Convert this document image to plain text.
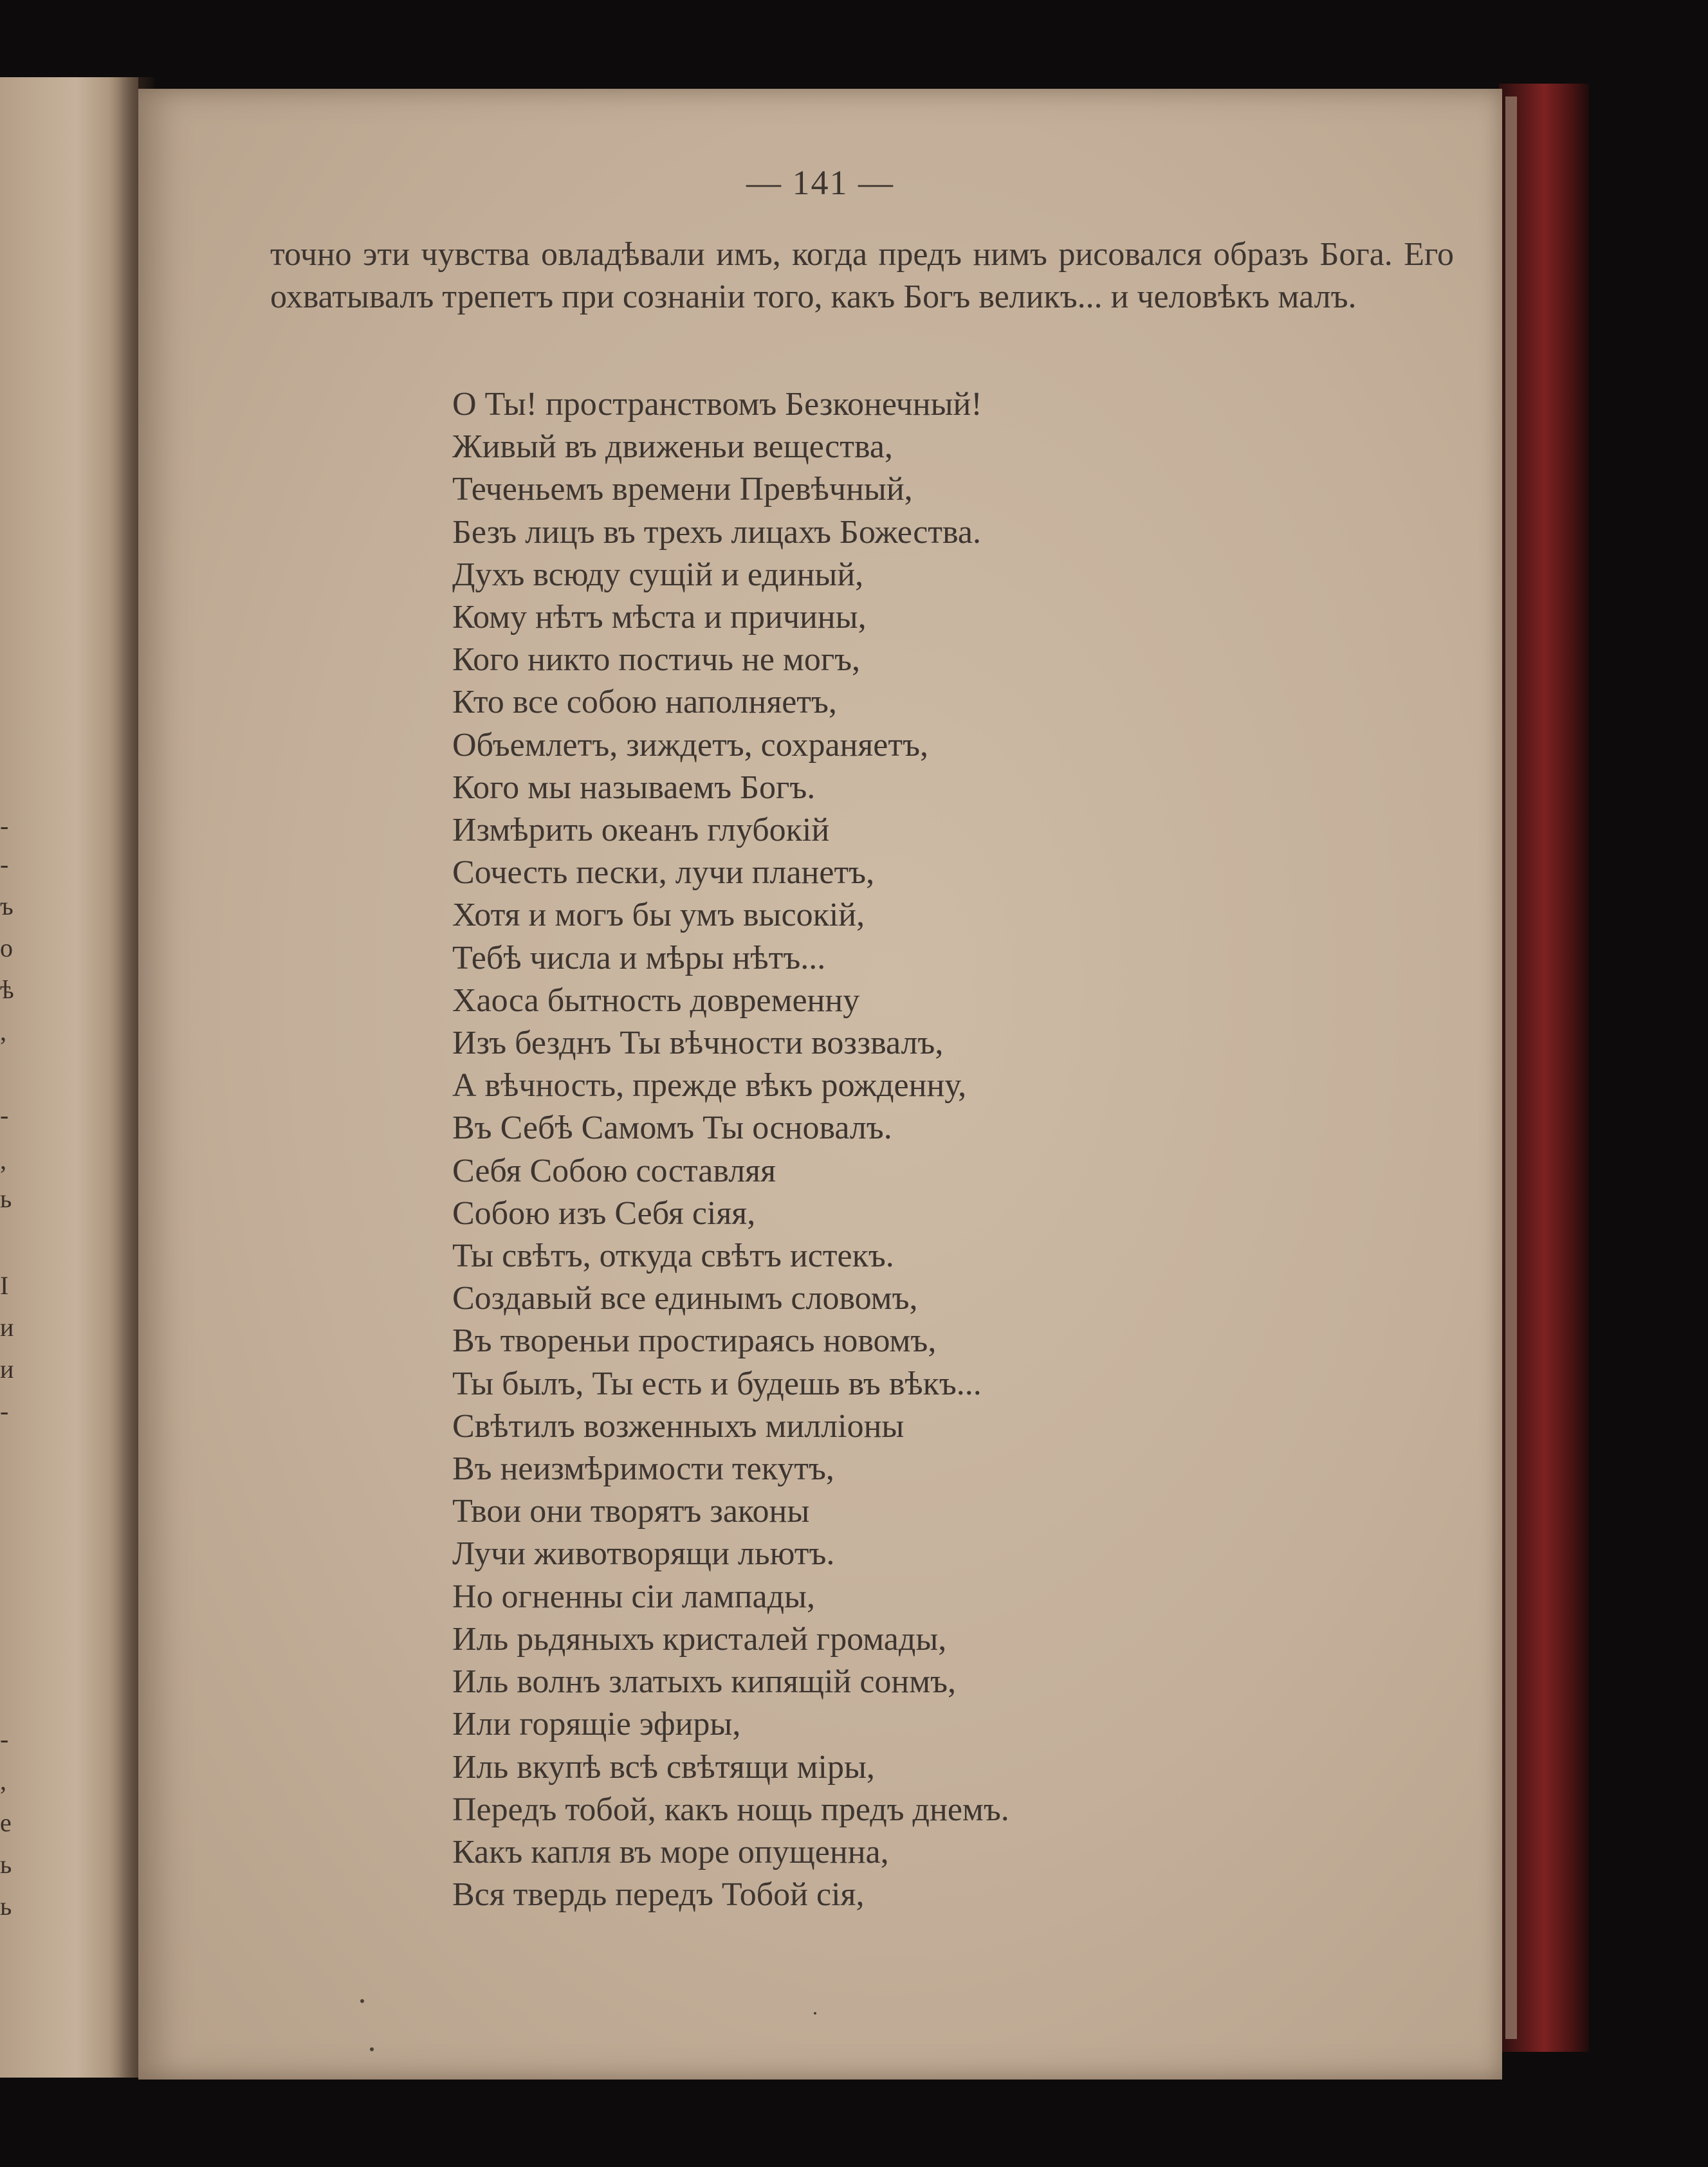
-
-
ъ
о
ѣ
,
-
,
ь
I
и
и
-
-
,
е
ь
ь
— 141 —

точно эти чувства овладѣвали имъ, когда предъ нимъ рисовался образъ Бога. Его охватывалъ трепетъ при сознанiи того, какъ Богъ великъ... и человѣкъ малъ.

О Ты! пространствомъ Безконечный!
Живый въ движеньи вещества,
Теченьемъ времени Превѣчный,
Безъ лицъ въ трехъ лицахъ Божества.
Духъ всюду сущiй и единый,
Кому нѣтъ мѣста и причины,
Кого никто постичь не могъ,
Кто все собою наполняетъ,
Объемлетъ, зиждетъ, сохраняетъ,
Кого мы называемъ Богъ.
Измѣрить океанъ глубокiй
Сочесть пески, лучи планетъ,
Хотя и могъ бы умъ высокiй,
Тебѣ числа и мѣры нѣтъ...
Хаоса бытность довременну
Изъ безднъ Ты вѣчности воззвалъ,
А вѣчность, прежде вѣкъ рожденну,
Въ Себѣ Самомъ Ты основалъ.
Себя Собою составляя
Собою изъ Себя сiяя,
Ты свѣтъ, откуда свѣтъ истекъ.
Создавый все единымъ словомъ,
Въ твореньи простираясь новомъ,
Ты былъ, Ты есть и будешь въ вѣкъ...
Свѣтилъ возженныхъ миллiоны
Въ неизмѣримости текутъ,
Твои они творятъ законы
Лучи животворящи льютъ.
Но огненны сiи лампады,
Иль рьдяныхъ кристалей громады,
Иль волнъ златыхъ кипящiй сонмъ,
Или горящiе эфиры,
Иль вкупѣ всѣ свѣтящи мiры,
Передъ тобой, какъ нощь предъ днемъ.
Какъ капля въ море опущенна,
Вся твердь передъ Тобой сiя,
